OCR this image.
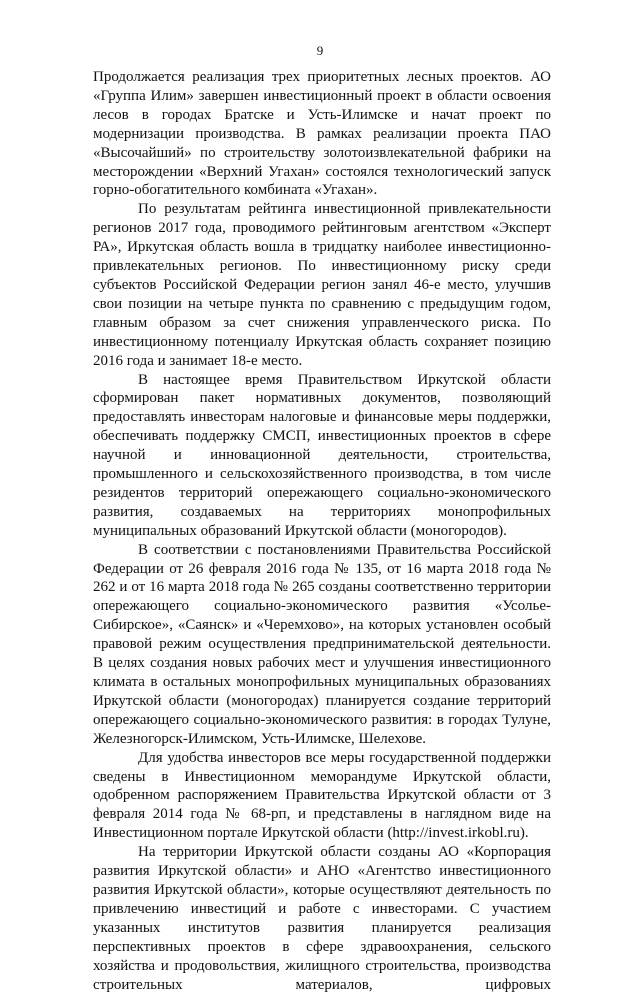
9

Продолжается реализация трех приоритетных лесных проектов. АО «Группа Илим» завершен инвестиционный проект в области освоения лесов в городах Братске и Усть-Илимске и начат проект по модернизации производства. В рамках реализации проекта ПАО «Высочайший» по строительству золотоизвлекательной фабрики на месторождении «Верхний Угахан» состоялся технологический запуск горно-обогатительного комбината «Угахан».

По результатам рейтинга инвестиционной привлекательности регионов 2017 года, проводимого рейтинговым агентством «Эксперт РА», Иркутская область вошла в тридцатку наиболее инвестиционно-привлекательных регионов. По инвестиционному риску среди субъектов Российской Федерации регион занял 46-е место, улучшив свои позиции на четыре пункта по сравнению с предыдущим годом, главным образом за счет снижения управленческого риска. По инвестиционному потенциалу Иркутская область сохраняет позицию 2016 года и занимает 18-е место.

В настоящее время Правительством Иркутской области сформирован пакет нормативных документов, позволяющий предоставлять инвесторам налоговые и финансовые меры поддержки, обеспечивать поддержку СМСП, инвестиционных проектов в сфере научной и инновационной деятельности, строительства, промышленного и сельскохозяйственного производства, в том числе резидентов территорий опережающего социально-экономического развития, создаваемых на территориях монопрофильных муниципальных образований Иркутской области (моногородов).

В соответствии с постановлениями Правительства Российской Федерации от 26 февраля 2016 года № 135, от 16 марта 2018 года № 262 и от 16 марта 2018 года № 265 созданы соответственно территории опережающего социально-экономического развития «Усолье-Сибирское», «Саянск» и «Черемхово», на которых установлен особый правовой режим осуществления предпринимательской деятельности. В целях создания новых рабочих мест и улучшения инвестиционного климата в остальных монопрофильных муниципальных образованиях Иркутской области (моногородах) планируется создание территорий опережающего социально-экономического развития: в городах Тулуне, Железногорск-Илимском, Усть-Илимске, Шелехове.

Для удобства инвесторов все меры государственной поддержки сведены в Инвестиционном меморандуме Иркутской области, одобренном распоряжением Правительства Иркутской области от 3 февраля 2014 года № 68-рп, и представлены в наглядном виде на Инвестиционном портале Иркутской области (http://invest.irkobl.ru).

На территории Иркутской области созданы АО «Корпорация развития Иркутской области» и АНО «Агентство инвестиционного развития Иркутской области», которые осуществляют деятельность по привлечению инвестиций и работе с инвесторами. С участием указанных институтов развития планируется реализация перспективных проектов в сфере здравоохранения, сельского хозяйства и продовольствия, жилищного строительства, производства строительных материалов, цифровых
